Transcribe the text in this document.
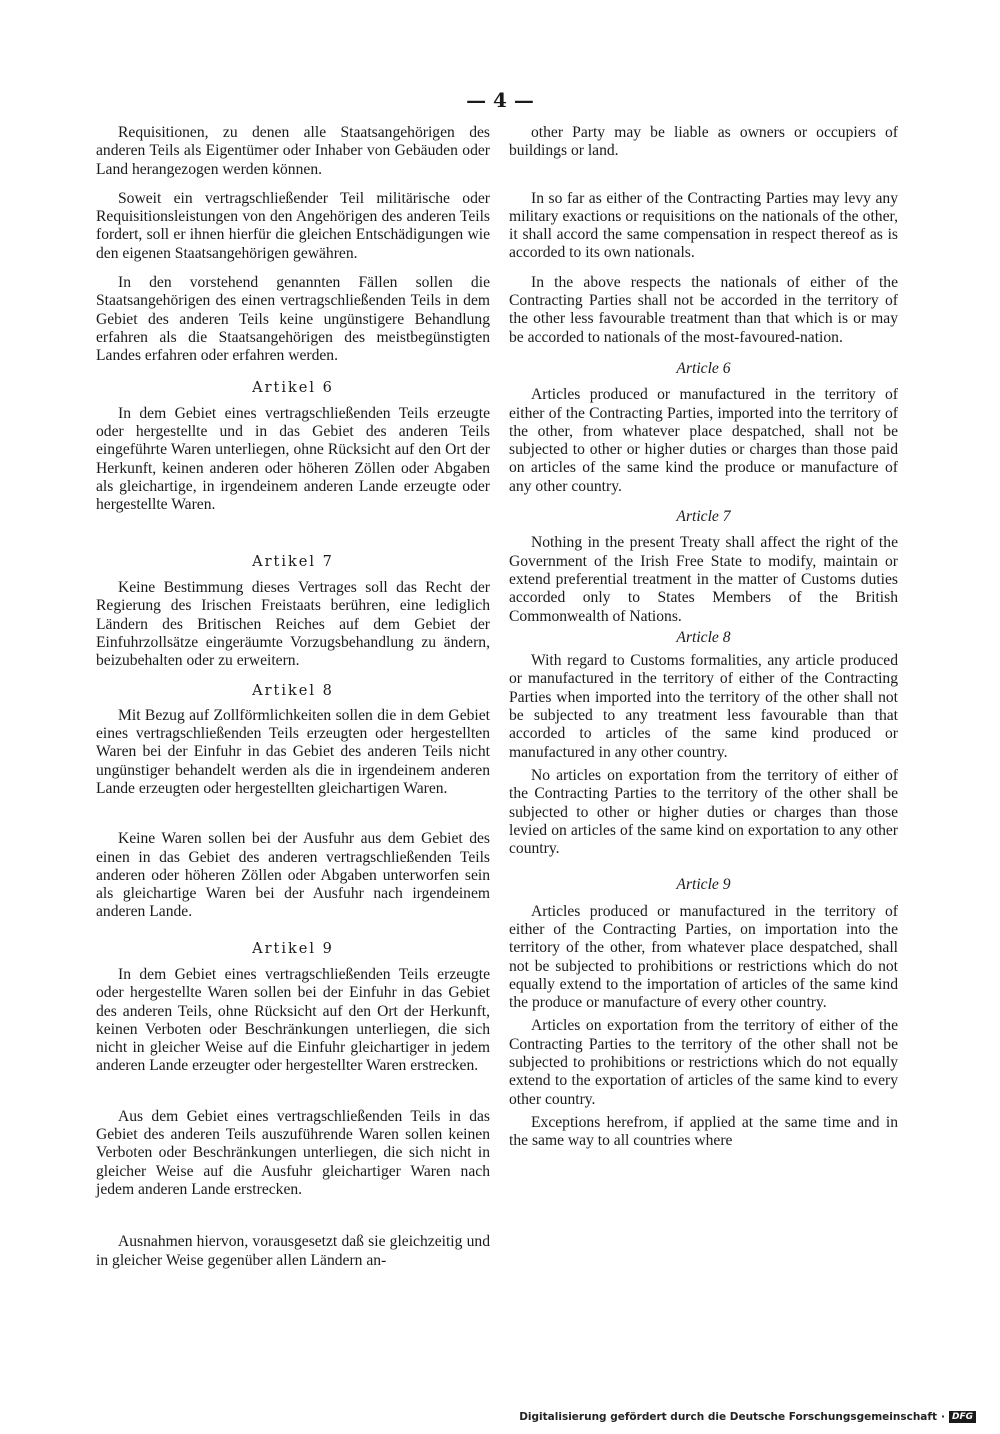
— 4 —

Requisitionen, zu denen alle Staatsangehörigen des anderen Teils als Eigentümer oder Inhaber von Gebäuden oder Land herangezogen werden können.

Soweit ein vertragschließender Teil militärische oder Requisitionsleistungen von den Angehörigen des anderen Teils fordert, soll er ihnen hierfür die gleichen Entschädigungen wie den eigenen Staatsangehörigen gewähren.

In den vorstehend genannten Fällen sollen die Staatsangehörigen des einen vertragschließenden Teils in dem Gebiet des anderen Teils keine ungünstigere Behandlung erfahren als die Staatsangehörigen des meistbegünstigten Landes erfahren oder erfahren werden.

Artikel 6

In dem Gebiet eines vertragschließenden Teils erzeugte oder hergestellte und in das Gebiet des anderen Teils eingeführte Waren unterliegen, ohne Rücksicht auf den Ort der Herkunft, keinen anderen oder höheren Zöllen oder Abgaben als gleichartige, in irgendeinem anderen Lande erzeugte oder hergestellte Waren.

Artikel 7

Keine Bestimmung dieses Vertrages soll das Recht der Regierung des Irischen Freistaats berühren, eine lediglich Ländern des Britischen Reiches auf dem Gebiet der Einfuhrzollsätze eingeräumte Vorzugsbehandlung zu ändern, beizubehalten oder zu erweitern.

Artikel 8

Mit Bezug auf Zollförmlichkeiten sollen die in dem Gebiet eines vertragschließenden Teils erzeugten oder hergestellten Waren bei der Einfuhr in das Gebiet des anderen Teils nicht ungünstiger behandelt werden als die in irgendeinem anderen Lande erzeugten oder hergestellten gleichartigen Waren.

Keine Waren sollen bei der Ausfuhr aus dem Gebiet des einen in das Gebiet des anderen vertragschließenden Teils anderen oder höheren Zöllen oder Abgaben unterworfen sein als gleichartige Waren bei der Ausfuhr nach irgendeinem anderen Lande.

Artikel 9

In dem Gebiet eines vertragschließenden Teils erzeugte oder hergestellte Waren sollen bei der Einfuhr in das Gebiet des anderen Teils, ohne Rücksicht auf den Ort der Herkunft, keinen Verboten oder Beschränkungen unterliegen, die sich nicht in gleicher Weise auf die Einfuhr gleichartiger in jedem anderen Lande erzeugter oder hergestellter Waren erstrecken.

Aus dem Gebiet eines vertragschließenden Teils in das Gebiet des anderen Teils auszuführende Waren sollen keinen Verboten oder Beschränkungen unterliegen, die sich nicht in gleicher Weise auf die Ausfuhr gleichartiger Waren nach jedem anderen Lande erstrecken.

Ausnahmen hiervon, vorausgesetzt daß sie gleichzeitig und in gleicher Weise gegenüber allen Ländern an-

other Party may be liable as owners or occupiers of buildings or land.

In so far as either of the Contracting Parties may levy any military exactions or requisitions on the nationals of the other, it shall accord the same compensation in respect thereof as is accorded to its own nationals.

In the above respects the nationals of either of the Contracting Parties shall not be accorded in the territory of the other less favourable treatment than that which is or may be accorded to nationals of the most-favoured-nation.

Article 6

Articles produced or manufactured in the territory of either of the Contracting Parties, imported into the territory of the other, from whatever place despatched, shall not be subjected to other or higher duties or charges than those paid on articles of the same kind the produce or manufacture of any other country.

Article 7

Nothing in the present Treaty shall affect the right of the Government of the Irish Free State to modify, maintain or extend preferential treatment in the matter of Customs duties accorded only to States Members of the British Commonwealth of Nations.

Article 8

With regard to Customs formalities, any article produced or manufactured in the territory of either of the Contracting Parties when imported into the territory of the other shall not be subjected to any treatment less favourable than that accorded to articles of the same kind produced or manufactured in any other country.

No articles on exportation from the territory of either of the Contracting Parties to the territory of the other shall be subjected to other or higher duties or charges than those levied on articles of the same kind on exportation to any other country.

Article 9

Articles produced or manufactured in the territory of either of the Contracting Parties, on importation into the territory of the other, from whatever place despatched, shall not be subjected to prohibitions or restrictions which do not equally extend to the importation of articles of the same kind the produce or manufacture of every other country.

Articles on exportation from the territory of either of the Contracting Parties to the territory of the other shall not be subjected to prohibitions or restrictions which do not equally extend to the exportation of articles of the same kind to every other country.

Exceptions herefrom, if applied at the same time and in the same way to all countries where

Digitalisierung gefördert durch die Deutsche Forschungsgemeinschaft · DFG
